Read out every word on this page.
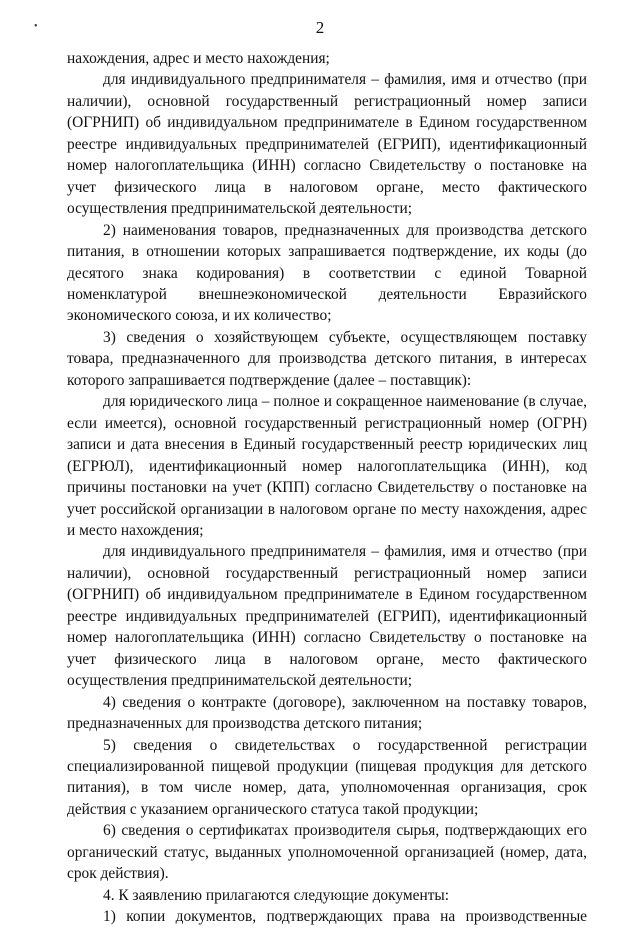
•	2

нахождения, адрес и место нахождения;

для индивидуального предпринимателя – фамилия, имя и отчество (при наличии), основной государственный регистрационный номер записи (ОГРНИП) об индивидуальном предпринимателе в Едином государственном реестре индивидуальных предпринимателей (ЕГРИП), идентификационный номер налогоплательщика (ИНН) согласно Свидетельству о постановке на учет физического лица в налоговом органе, место фактического осуществления предпринимательской деятельности;

2) наименования товаров, предназначенных для производства детского питания, в отношении которых запрашивается подтверждение, их коды (до десятого знака кодирования) в соответствии с единой Товарной номенклатурой внешнеэкономической деятельности Евразийского экономического союза, и их количество;

3) сведения о хозяйствующем субъекте, осуществляющем поставку товара, предназначенного для производства детского питания, в интересах которого запрашивается подтверждение (далее – поставщик):

для юридического лица – полное и сокращенное наименование (в случае, если имеется), основной государственный регистрационный номер (ОГРН) записи и дата внесения в Единый государственный реестр юридических лиц (ЕГРЮЛ), идентификационный номер налогоплательщика (ИНН), код причины постановки на учет (КПП) согласно Свидетельству о постановке на учет российской организации в налоговом органе по месту нахождения, адрес и место нахождения;

для индивидуального предпринимателя – фамилия, имя и отчество (при наличии), основной государственный регистрационный номер записи (ОГРНИП) об индивидуальном предпринимателе в Едином государственном реестре индивидуальных предпринимателей (ЕГРИП), идентификационный номер налогоплательщика (ИНН) согласно Свидетельству о постановке на учет физического лица в налоговом органе, место фактического осуществления предпринимательской деятельности;

4) сведения о контракте (договоре), заключенном на поставку товаров, предназначенных для производства детского питания;

5) сведения о свидетельствах о государственной регистрации специализированной пищевой продукции (пищевая продукция для детского питания), в том числе номер, дата, уполномоченная организация, срок действия с указанием органического статуса такой продукции;

6) сведения о сертификатах производителя сырья, подтверждающих его органический статус, выданных уполномоченной организацией (номер, дата, срок действия).

4. К заявлению прилагаются следующие документы:

1) копии документов, подтверждающих права на производственные
